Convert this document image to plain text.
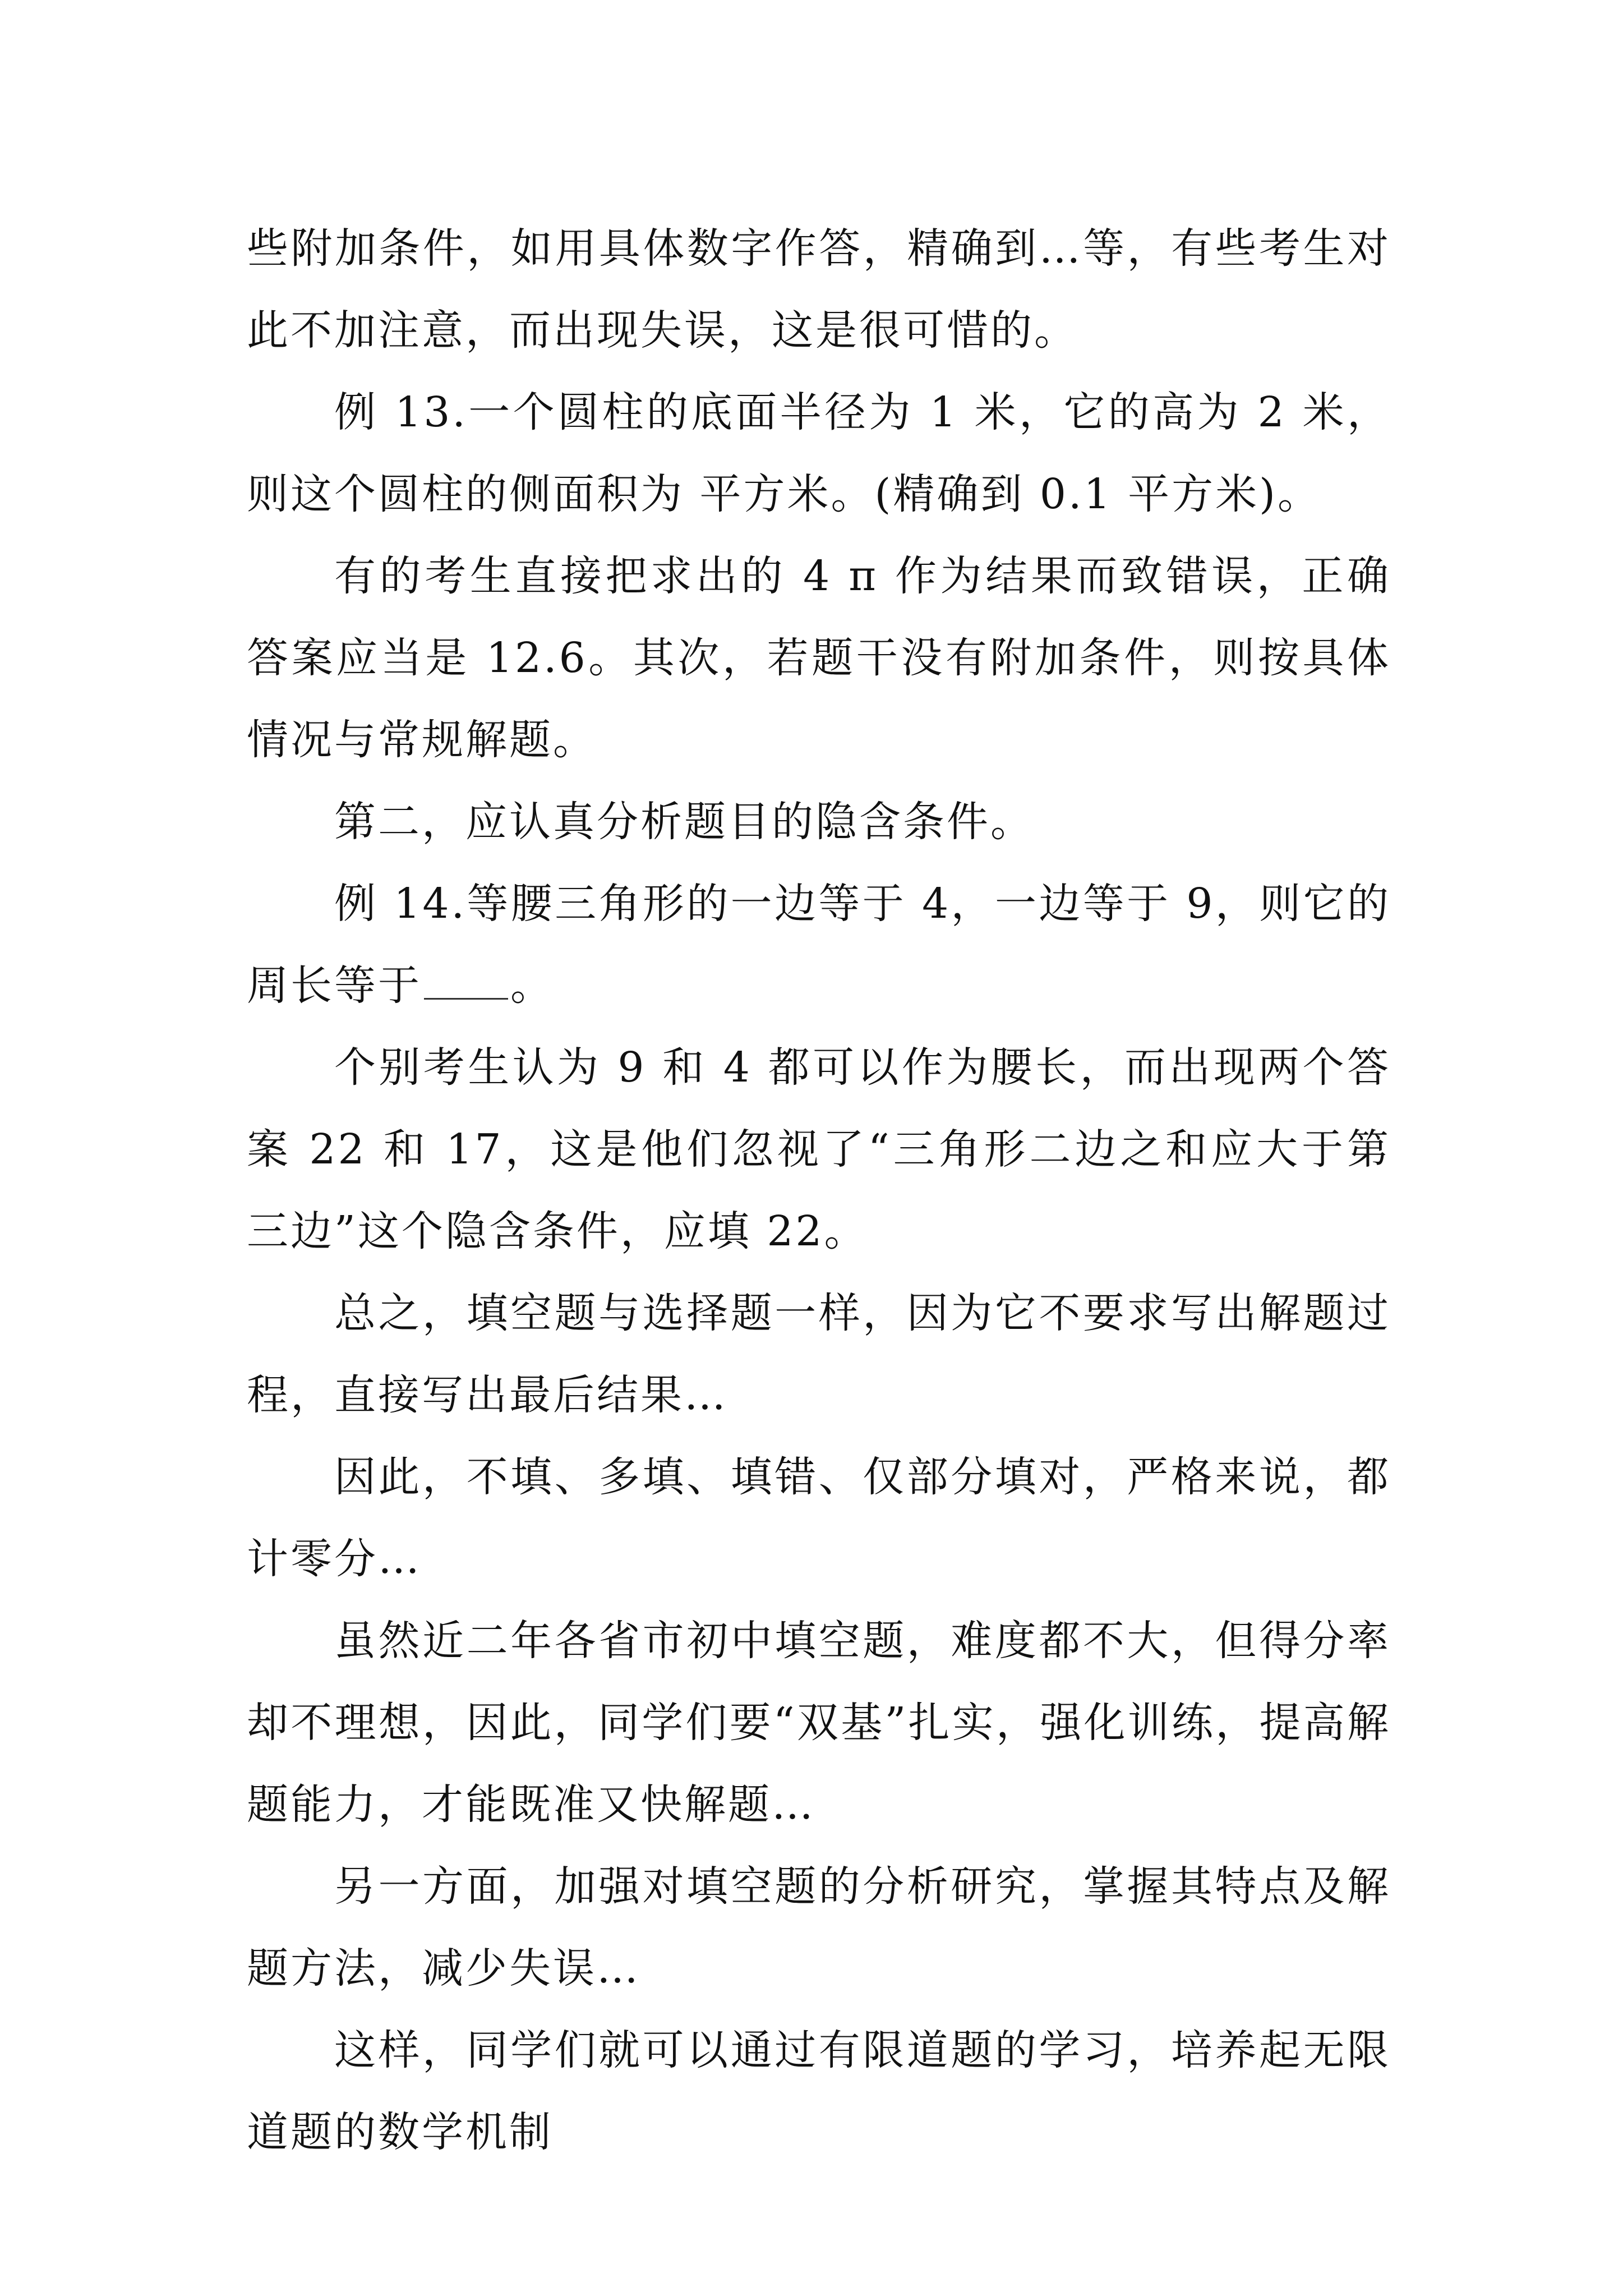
些附加条件，如用具体数字作答，精确到…等，有些考生对此不加注意，而出现失误，这是很可惜的。

例 13.一个圆柱的底面半径为 1 米，它的高为 2 米，则这个圆柱的侧面积为 平方米。(精确到 0.1 平方米)。

有的考生直接把求出的 4 π 作为结果而致错误，正确答案应当是 12.6。其次，若题干没有附加条件，则按具体情况与常规解题。

第二，应认真分析题目的隐含条件。

例 14.等腰三角形的一边等于 4，一边等于 9，则它的周长等于 。

个别考生认为 9 和 4 都可以作为腰长，而出现两个答案 22 和 17，这是他们忽视了“三角形二边之和应大于第三边”这个隐含条件，应填 22。

总之，填空题与选择题一样，因为它不要求写出解题过程，直接写出最后结果…

因此，不填、多填、填错、仅部分填对，严格来说，都计零分…

虽然近二年各省市初中填空题，难度都不大，但得分率却不理想，因此，同学们要“双基”扎实，强化训练，提高解题能力，才能既准又快解题…

另一方面，加强对填空题的分析研究，掌握其特点及解题方法，减少失误…

这样，同学们就可以通过有限道题的学习，培养起无限道题的数学机制
